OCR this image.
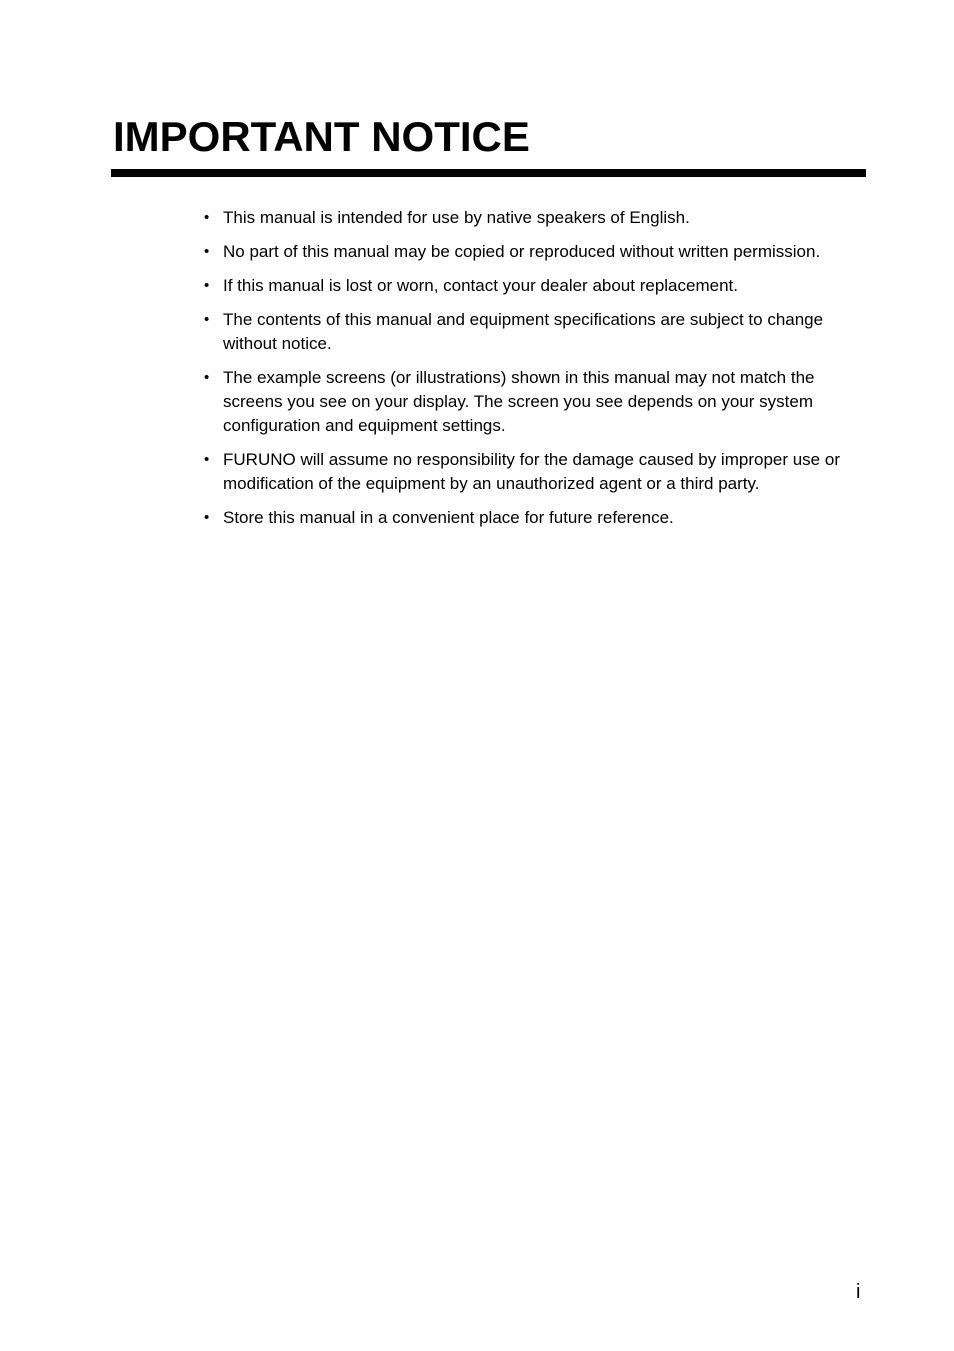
IMPORTANT NOTICE
• This manual is intended for use by native speakers of English.
• No part of this manual may be copied or reproduced without written permission.
• If this manual is lost or worn, contact your dealer about replacement.
• The contents of this manual and equipment specifications are subject to change without notice.
• The example screens (or illustrations) shown in this manual may not match the screens you see on your display. The screen you see depends on your system configuration and equipment settings.
• FURUNO will assume no responsibility for the damage caused by improper use or modification of the equipment by an unauthorized agent or a third party.
• Store this manual in a convenient place for future reference.
i
